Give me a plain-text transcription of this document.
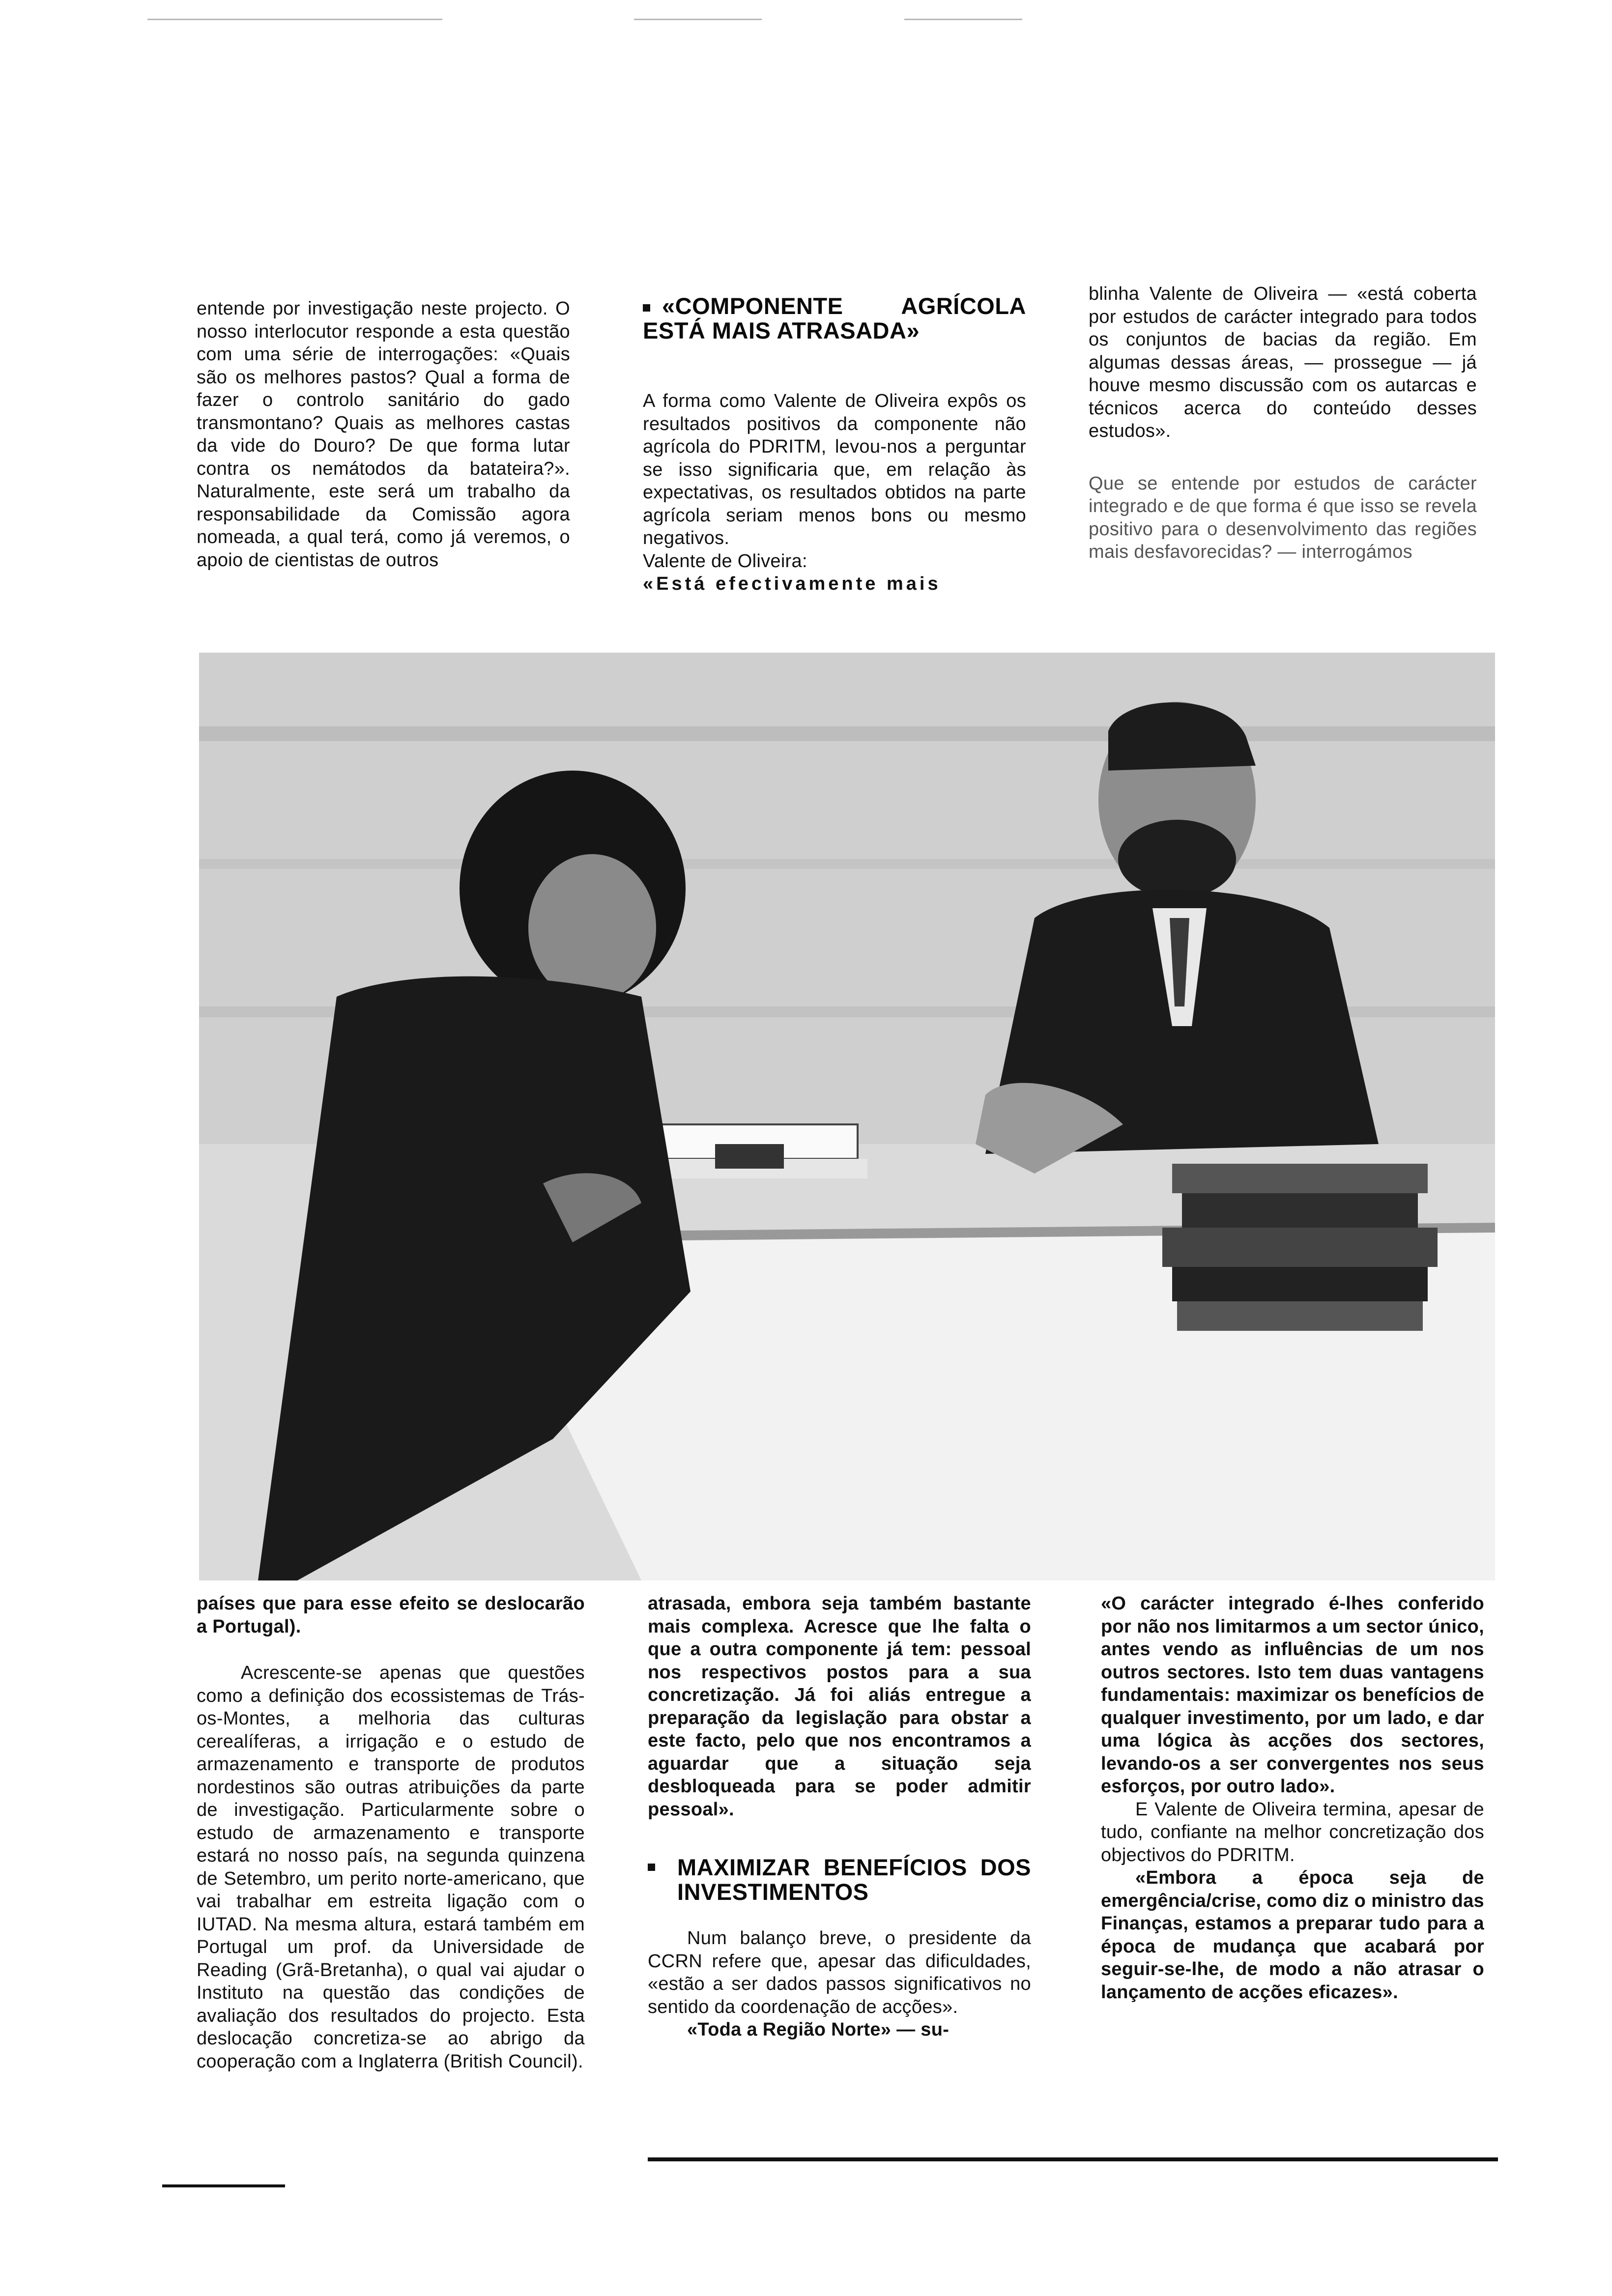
entende por investigação neste projecto. O nosso interlocutor responde a esta questão com uma série de interrogações: «Quais são os melhores pastos? Qual a forma de fazer o controlo sanitário do gado transmontano? Quais as melhores castas da vide do Douro? De que forma lutar contra os nemátodos da batateira?». Naturalmente, este será um trabalho da responsabilidade da Comissão agora nomeada, a qual terá, como já veremos, o apoio de cientistas de outros

«COMPONENTE AGRÍCOLA ESTÁ MAIS ATRASADA»

A forma como Valente de Oliveira expôs os resultados positivos da componente não agrícola do PDRITM, levou-nos a perguntar se isso significaria que, em relação às expectativas, os resultados obtidos na parte agrícola seriam menos bons ou mesmo negativos.

Valente de Oliveira:

«Está efectivamente mais

blinha Valente de Oliveira — «está coberta por estudos de carácter integrado para todos os conjuntos de bacias da região. Em algumas dessas áreas, — prossegue — já houve mesmo discussão com os autarcas e técnicos acerca do conteúdo desses estudos».

Que se entende por estudos de carácter integrado e de que forma é que isso se revela positivo para o desenvolvimento das regiões mais desfavorecidas? — interrogámos

países que para esse efeito se deslocarão a Portugal).

Acrescente-se apenas que questões como a definição dos ecossistemas de Trás-os-Montes, a melhoria das culturas cerealíferas, a irrigação e o estudo de armazenamento e transporte de produtos nordestinos são outras atribuições da parte de investigação. Particularmente sobre o estudo de armazenamento e transporte estará no nosso país, na segunda quinzena de Setembro, um perito norte-americano, que vai trabalhar em estreita ligação com o IUTAD. Na mesma altura, estará também em Portugal um prof. da Universidade de Reading (Grã-Bretanha), o qual vai ajudar o Instituto na questão das condições de avaliação dos resultados do projecto. Esta deslocação concretiza-se ao abrigo da cooperação com a Inglaterra (British Council).

atrasada, embora seja também bastante mais complexa. Acresce que lhe falta o que a outra componente já tem: pessoal nos respectivos postos para a sua concretização. Já foi aliás entregue a preparação da legislação para obstar a este facto, pelo que nos encontramos a aguardar que a situação seja desbloqueada para se poder admitir pessoal».

MAXIMIZAR BENEFÍCIOS DOS INVESTIMENTOS

Num balanço breve, o presidente da CCRN refere que, apesar das dificuldades, «estão a ser dados passos significativos no sentido da coordenação de acções».

«Toda a Região Norte» — su-

«O carácter integrado é-lhes conferido por não nos limitarmos a um sector único, antes vendo as influências de um nos outros sectores. Isto tem duas vantagens fundamentais: maximizar os benefícios de qualquer investimento, por um lado, e dar uma lógica às acções dos sectores, levando-os a ser convergentes nos seus esforços, por outro lado».

E Valente de Oliveira termina, apesar de tudo, confiante na melhor concretização dos objectivos do PDRITM.

«Embora a época seja de emergência/crise, como diz o ministro das Finanças, estamos a preparar tudo para a época de mudança que acabará por seguir-se-lhe, de modo a não atrasar o lançamento de acções eficazes».
